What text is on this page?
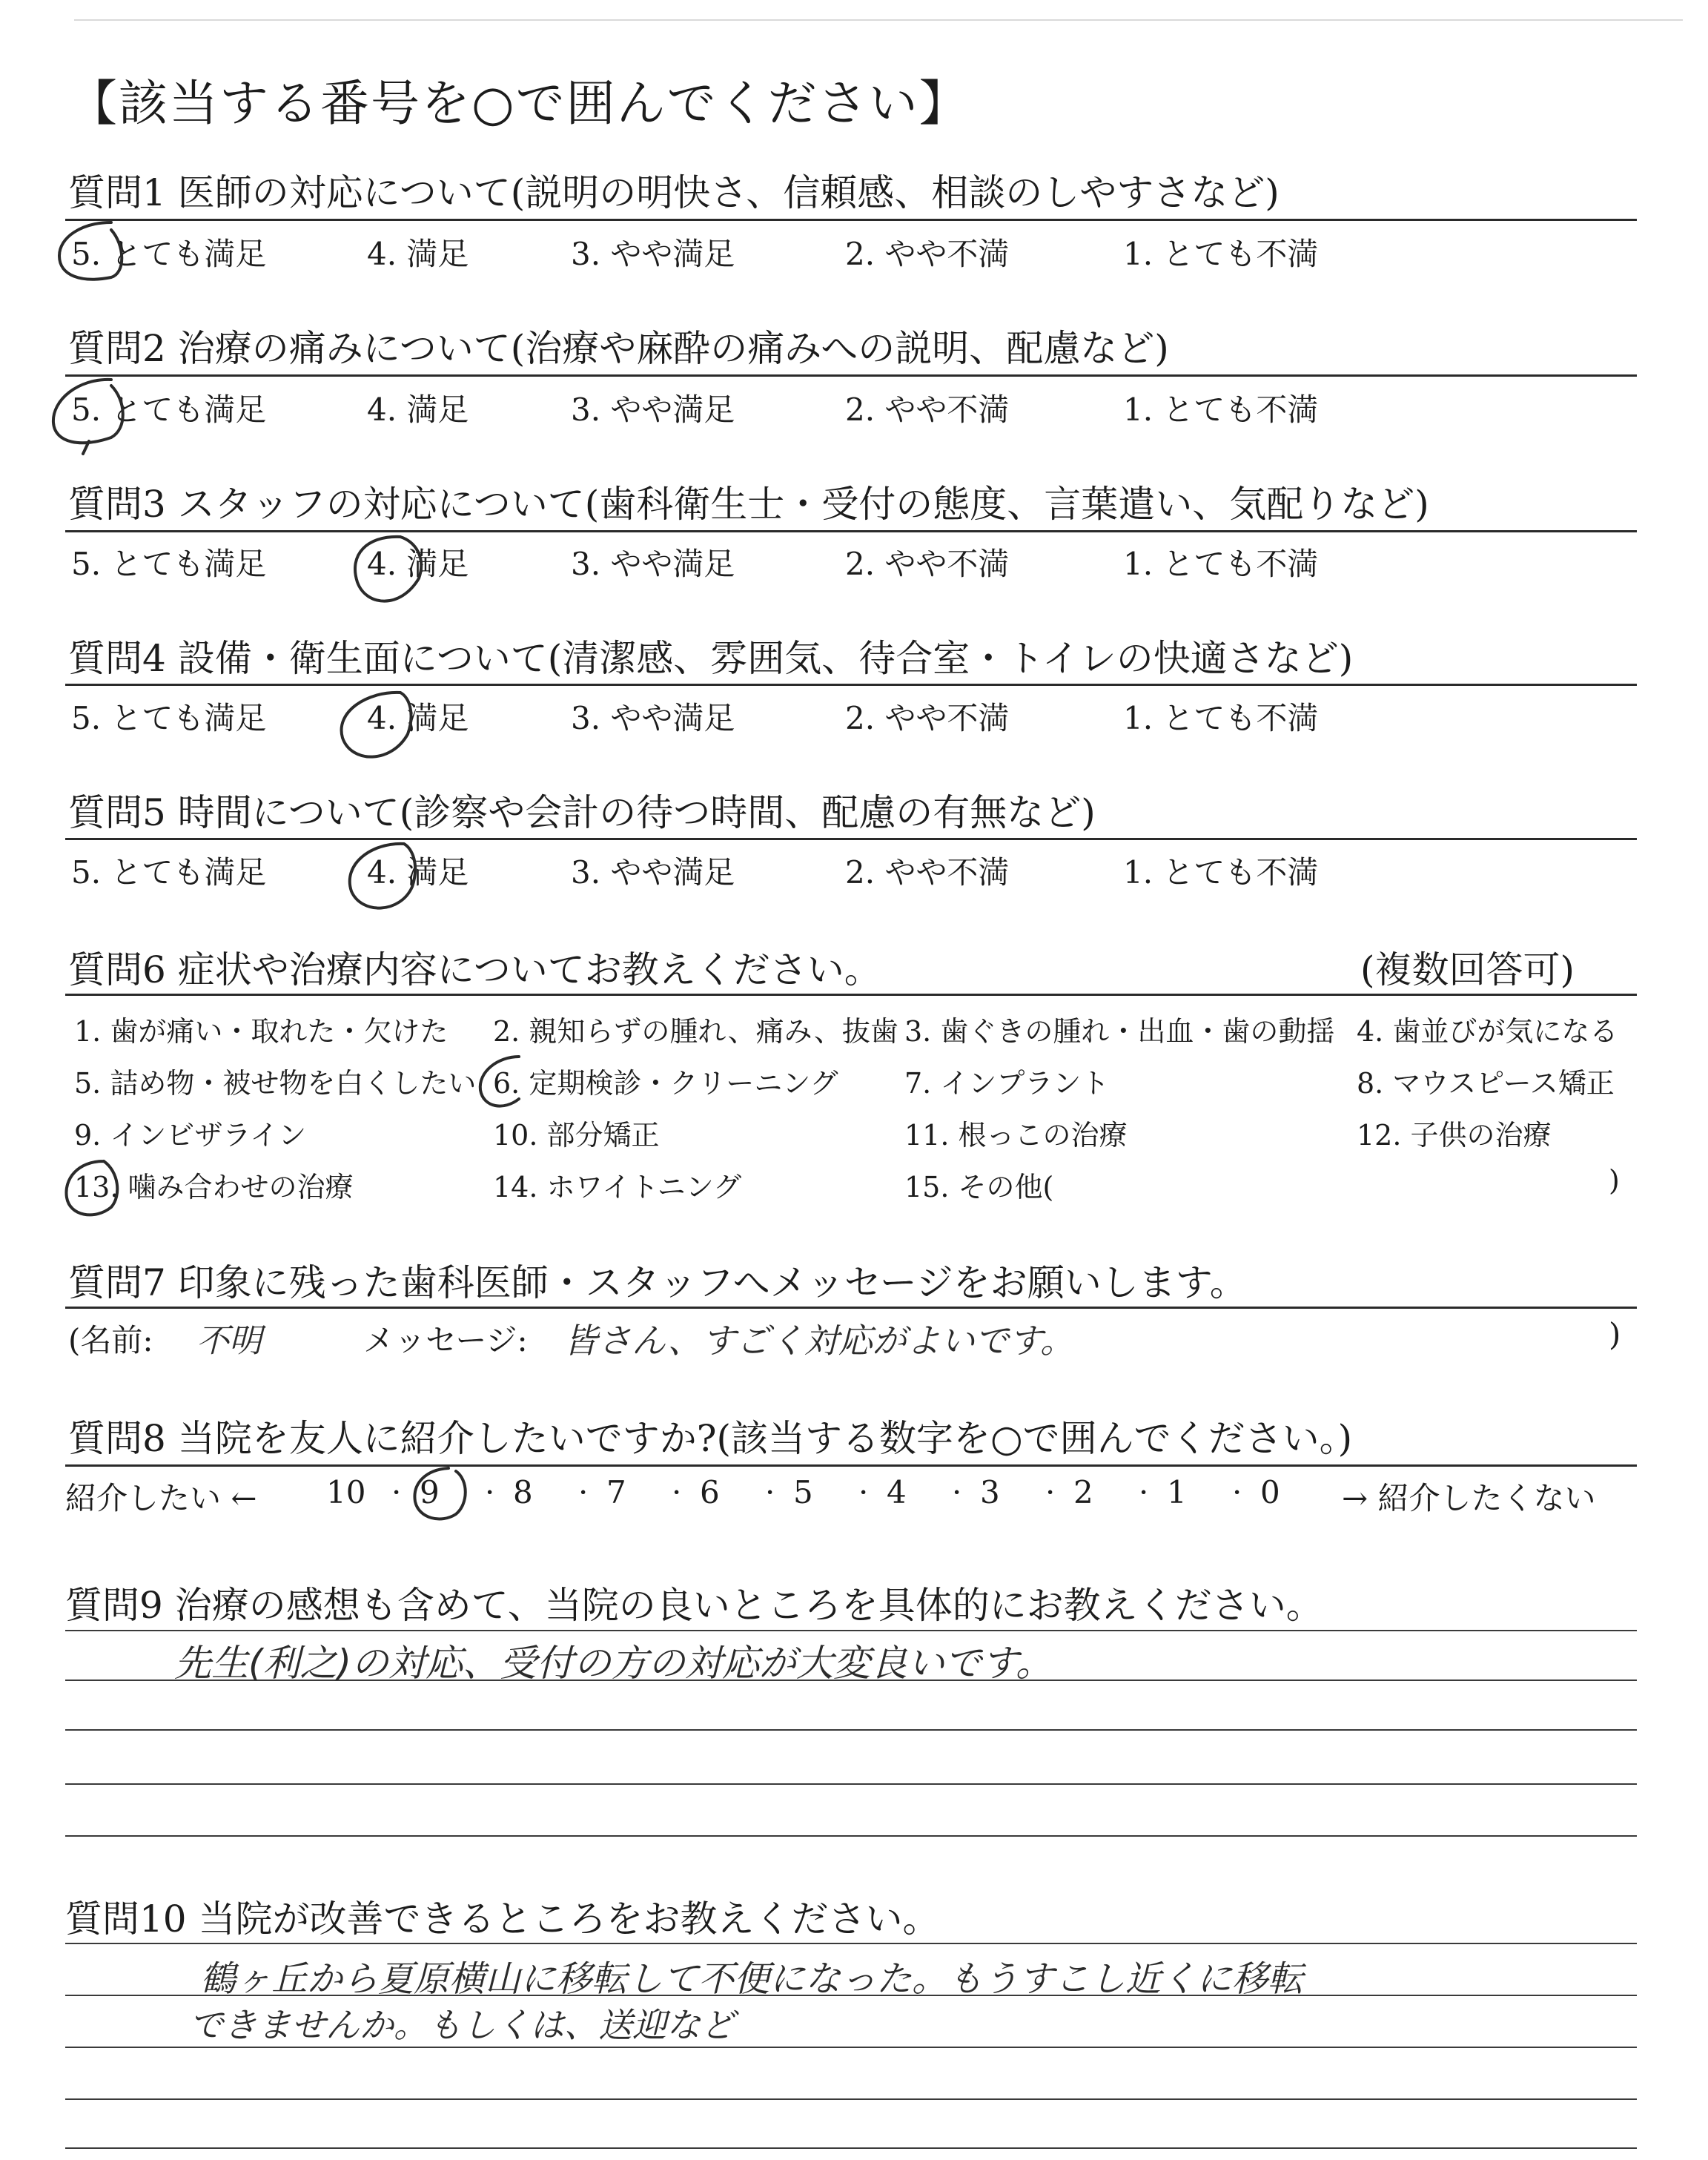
【該当する番号を○で囲んでください】
質問1 医師の対応について(説明の明快さ、信頼感、相談のしやすさなど)
5. とても満足	4. 満足	3. やや満足	2. やや不満	1. とても不満
質問2 治療の痛みについて(治療や麻酔の痛みへの説明、配慮など)
5. とても満足	4. 満足	3. やや満足	2. やや不満	1. とても不満
質問3 スタッフの対応について(歯科衛生士・受付の態度、言葉遣い、気配りなど)
5. とても満足	4. 満足	3. やや満足	2. やや不満	1. とても不満
質問4 設備・衛生面について(清潔感、雰囲気、待合室・トイレの快適さなど)
5. とても満足	4. 満足	3. やや満足	2. やや不満	1. とても不満
質問5 時間について(診察や会計の待つ時間、配慮の有無など)
5. とても満足	4. 満足	3. やや満足	2. やや不満	1. とても不満
質問6 症状や治療内容についてお教えください。	(複数回答可)
1. 歯が痛い・取れた・欠けた 2. 親知らずの腫れ、痛み、抜歯 3. 歯ぐきの腫れ・出血・歯の動揺 4. 歯並びが気になる
5. 詰め物・被せ物を白くしたい 6. 定期検診・クリーニング 7. インプラント	8. マウスピース矯正
9. インビザライン	10. 部分矯正	11. 根っこの治療	12. 子供の治療
13. 噛み合わせの治療	14. ホワイトニング	15. その他(	)
質問7 印象に残った歯科医師・スタッフへメッセージをお願いします。
(名前: 不明	メッセージ: 皆さん、すごく対応がよいです。	)
質問8 当院を友人に紹介したいですか?(該当する数字を○で囲んでください。)
紹介したい ← 10 · 9 · 8 · 7 · 6 · 5 · 4 · 3 · 2 · 1 · 0 → 紹介したくない
質問9 治療の感想も含めて、当院の良いところを具体的にお教えください。
先生(利之)の対応、受付の方の対応が大変良いです。
質問10 当院が改善できるところをお教えください。
鶴ヶ丘から夏原横山に移転して不便になった。もうすこし近くに移転
できませんか。もしくは、送迎など
